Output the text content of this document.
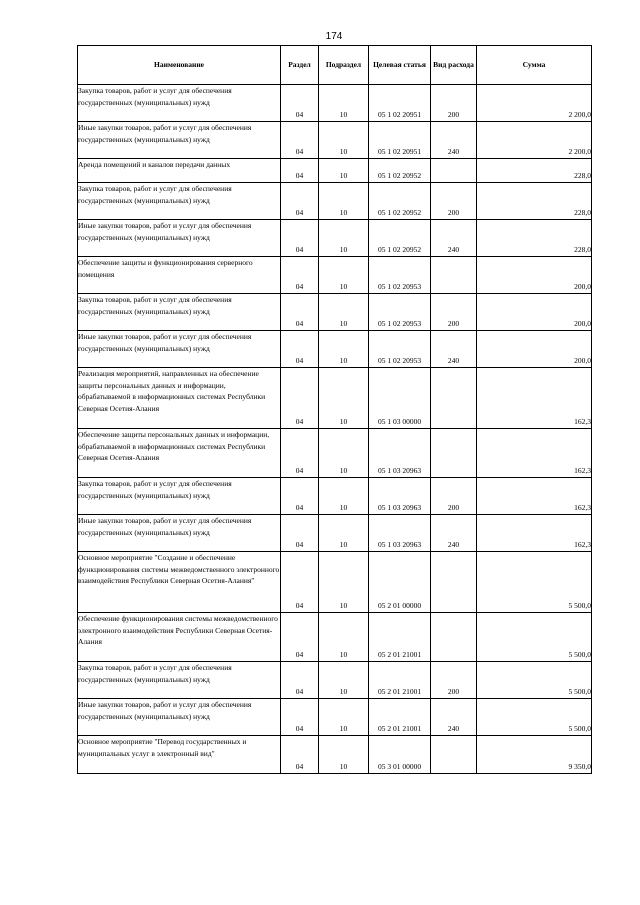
174
Наименование	Раздел	Подраздел	Целевая статья	Вид расхода	Сумма
Закупка товаров, работ и услуг для обеспечения государственных (муниципальных) нужд	04	10	05 1 02 20951	200	2 200,0
Иные закупки товаров, работ и услуг для обеспечения государственных (муниципальных) нужд	04	10	05 1 02 20951	240	2 200,0
Аренда помещений и каналов передачи данных	04	10	05 1 02 20952		228,0
Закупка товаров, работ и услуг для обеспечения государственных (муниципальных) нужд	04	10	05 1 02 20952	200	228,0
Иные закупки товаров, работ и услуг для обеспечения государственных (муниципальных) нужд	04	10	05 1 02 20952	240	228,0
Обеспечение защиты и функционирования серверного помещения	04	10	05 1 02 20953		200,0
Закупка товаров, работ и услуг для обеспечения государственных (муниципальных) нужд	04	10	05 1 02 20953	200	200,0
Иные закупки товаров, работ и услуг для обеспечения государственных (муниципальных) нужд	04	10	05 1 02 20953	240	200,0
Реализация мероприятий, направленных на обеспечение защиты персональных данных и информации, обрабатываемой в информационных системах Республики Северная Осетия-Алания	04	10	05 1 03 00000		162,3
Обеспечение защиты персональных данных и информации, обрабатываемой в информационных системах Республики Северная Осетия-Алания	04	10	05 1 03 20963		162,3
Закупка товаров, работ и услуг для обеспечения государственных (муниципальных) нужд	04	10	05 1 03 20963	200	162,3
Иные закупки товаров, работ и услуг для обеспечения государственных (муниципальных) нужд	04	10	05 1 03 20963	240	162,3
Основное мероприятие "Создание и обеспечение функционирования системы межведомственного электронного взаимодействия Республики Северная Осетия-Алания"	04	10	05 2 01 00000		5 500,0
Обеспечение функционирования системы межведомственного электронного взаимодействия Республики Северная Осетия-Алания	04	10	05 2 01 21001		5 500,0
Закупка товаров, работ и услуг для обеспечения государственных (муниципальных) нужд	04	10	05 2 01 21001	200	5 500,0
Иные закупки товаров, работ и услуг для обеспечения государственных (муниципальных) нужд	04	10	05 2 01 21001	240	5 500,0
Основное мероприятие "Перевод государственных и муниципальных услуг в электронный вид"	04	10	05 3 01 00000		9 350,0
